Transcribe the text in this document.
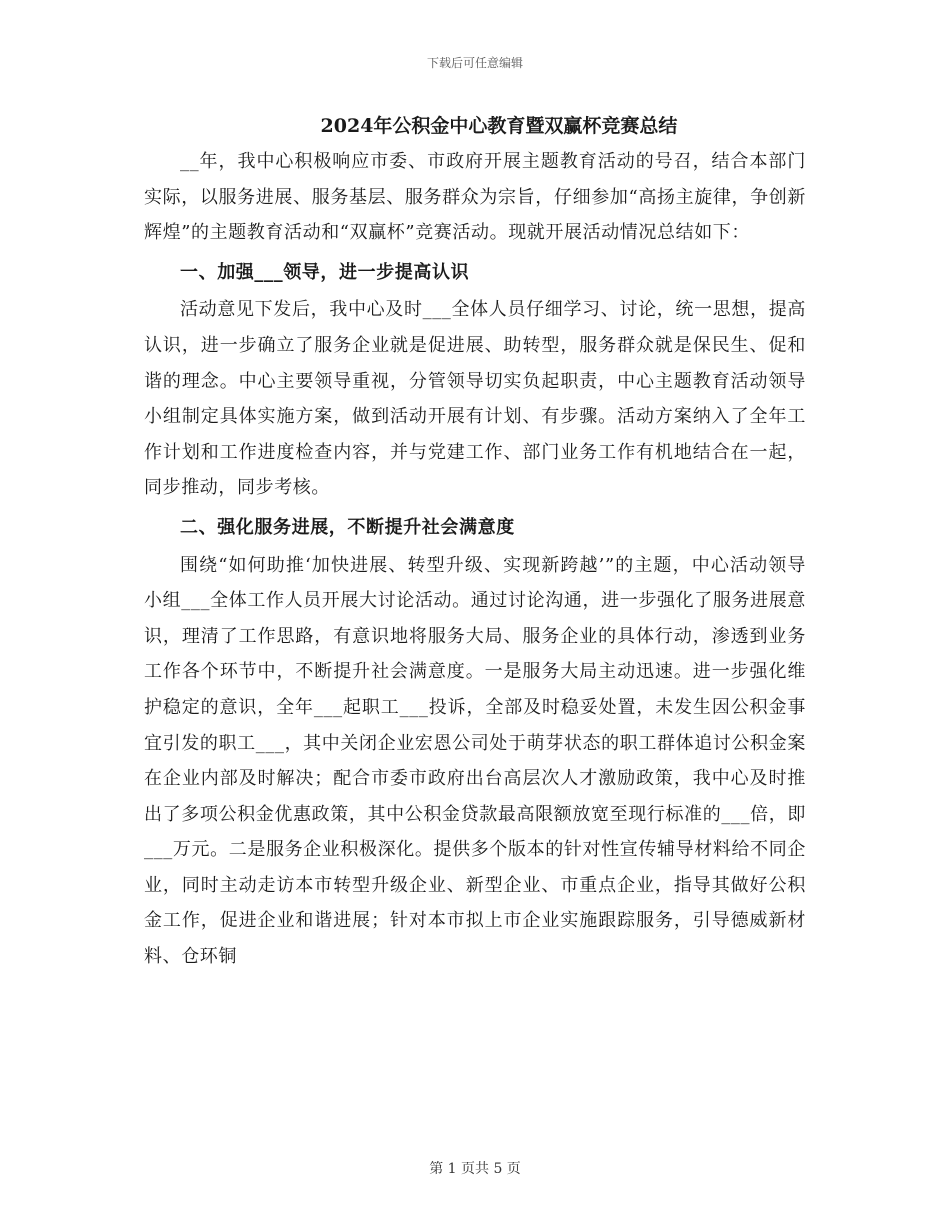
下载后可任意编辑
2024年公积金中心教育暨双赢杯竞赛总结

__年，我中心积极响应市委、市政府开展主题教育活动的号召，结合本部门实际，以服务进展、服务基层、服务群众为宗旨，仔细参加“高扬主旋律，争创新辉煌”的主题教育活动和“双赢杯”竞赛活动。现就开展活动情况总结如下：

一、加强___领导，进一步提高认识

活动意见下发后，我中心及时___全体人员仔细学习、讨论，统一思想，提高认识，进一步确立了服务企业就是促进展、助转型，服务群众就是保民生、促和谐的理念。中心主要领导重视，分管领导切实负起职责，中心主题教育活动领导小组制定具体实施方案，做到活动开展有计划、有步骤。活动方案纳入了全年工作计划和工作进度检查内容，并与党建工作、部门业务工作有机地结合在一起，同步推动，同步考核。

二、强化服务进展，不断提升社会满意度

围绕“如何助推‘加快进展、转型升级、实现新跨越’”的主题，中心活动领导小组___全体工作人员开展大讨论活动。通过讨论沟通，进一步强化了服务进展意识，理清了工作思路，有意识地将服务大局、服务企业的具体行动，渗透到业务工作各个环节中，不断提升社会满意度。一是服务大局主动迅速。进一步强化维护稳定的意识，全年___起职工___投诉，全部及时稳妥处置，未发生因公积金事宜引发的职工___，其中关闭企业宏恩公司处于萌芽状态的职工群体追讨公积金案在企业内部及时解决；配合市委市政府出台高层次人才激励政策，我中心及时推出了多项公积金优惠政策，其中公积金贷款最高限额放宽至现行标准的___倍，即___万元。二是服务企业积极深化。提供多个版本的针对性宣传辅导材料给不同企业，同时主动走访本市转型升级企业、新型企业、市重点企业，指导其做好公积金工作，促进企业和谐进展；针对本市拟上市企业实施跟踪服务，引导德威新材料、仓环铜

第 1 页共 5 页
